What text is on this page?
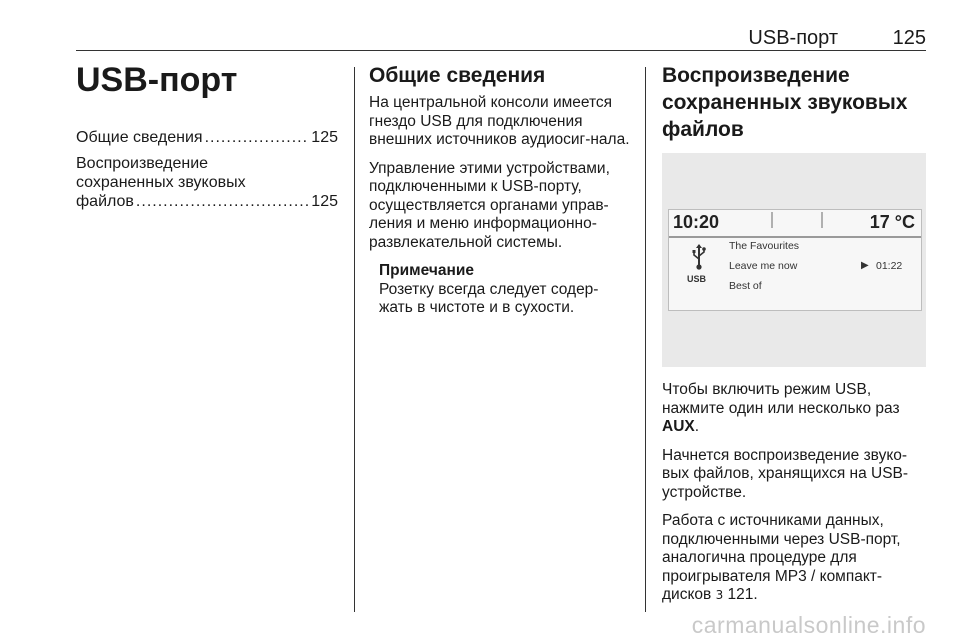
USB-порт	125
USB-порт
Общие сведения .....	125
Воспроизведение
сохраненных звуковых
файлов .....	125
Общие сведения

На центральной консоли имеется гнездо USB для подключения внешних источников аудиосиг-нала.

Управление этими устройствами, подключенными к USB-порту, осуществляется органами управ-ления и меню информационно-развлекательной системы.

Примечание

Розетку всегда следует содер-жать в чистоте и в сухости.

Воспроизведение сохраненных звуковых файлов
10:20	17 °C
USB
The Favourites
Leave me now
Best of
▶ 01:22

Чтобы включить режим USB, нажмите один или несколько раз AUX.

Начнется воспроизведение звуко-вых файлов, хранящихся на USB-устройстве.

Работа с источниками данных, подключенными через USB-порт, аналогична процедуре для проигрывателя MP3 / компакт-дисков 3 121.

carmanualsonline.info
